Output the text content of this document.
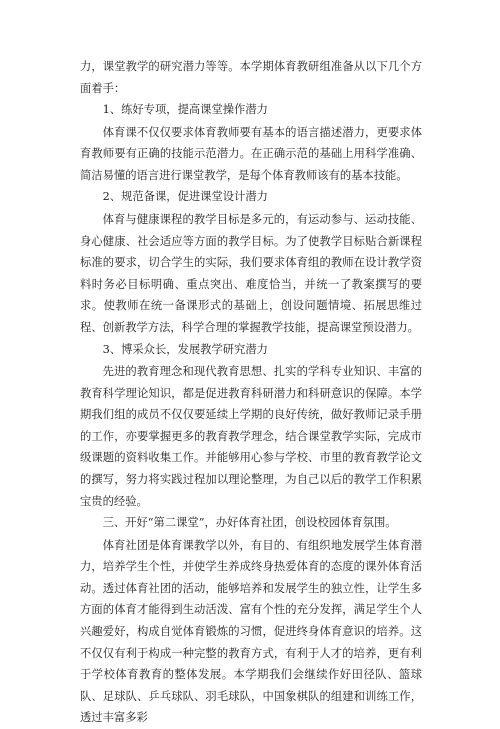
力，课堂教学的研究潜力等等。本学期体育教研组准备从以下几个方面着手：

1、练好专项，提高课堂操作潜力

体育课不仅仅要求体育教师要有基本的语言描述潜力，更要求体育教师要有正确的技能示范潜力。在正确示范的基础上用科学准确、简洁易懂的语言进行课堂教学，是每个体育教师该有的基本技能。

2、规范备课，促进课堂设计潜力

体育与健康课程的教学目标是多元的，有运动参与、运动技能、身心健康、社会适应等方面的教学目标。为了使教学目标贴合新课程标准的要求，切合学生的实际，我们要求体育组的教师在设计教学资料时务必目标明确、重点突出、难度恰当，并统一了教案撰写的要求。使教师在统一备课形式的基础上，创设问题情境、拓展思维过程、创新教学方法，科学合理的掌握教学技能，提高课堂预设潜力。

3、博采众长，发展教学研究潜力

先进的教育理念和现代教育思想、扎实的学科专业知识、丰富的教育科学理论知识，都是促进教育科研潜力和科研意识的保障。本学期我们组的成员不仅仅要延续上学期的良好传统，做好教师记录手册的工作，亦要掌握更多的教育教学理念，结合课堂教学实际，完成市级课题的资料收集工作。并能够用心参与学校、市里的教育教学论文的撰写，努力将实践过程加以理论整理，为自己以后的教学工作积累宝贵的经验。

三、开好“第二课堂”，办好体育社团，创设校园体育氛围。

体育社团是体育课教学以外，有目的、有组织地发展学生体育潜力，培养学生个性，并使学生养成终身热爱体育的态度的课外体育活动。透过体育社团的活动，能够培养和发展学生的独立性，让学生多方面的体育才能得到生动活泼、富有个性的充分发挥，满足学生个人兴趣爱好，构成自觉体育锻炼的习惯，促进终身体育意识的培养。这不仅仅有利于构成一种完整的教育方式，有利于人才的培养，更有利于学校体育教育的整体发展。本学期我们会继续作好田径队、篮球队、足球队、乒乓球队、羽毛球队，中国象棋队的组建和训练工作，透过丰富多彩
